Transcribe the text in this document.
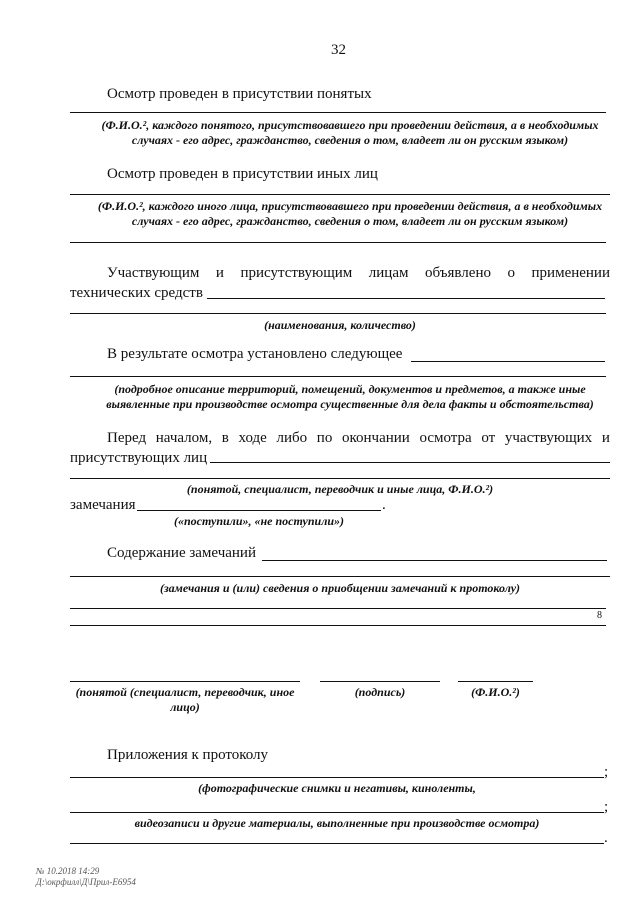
32
Осмотр проведен в присутствии понятых
(Ф.И.О.², каждого понятого, присутствовавшего при проведении действия, а в необходимых
случаях - его адрес, гражданство, сведения о том, владеет ли он русским языком)
Осмотр проведен в присутствии иных лиц
(Ф.И.О.², каждого иного лица, присутствовавшего при проведении действия, а в необходимых
случаях - его адрес, гражданство, сведения о том, владеет ли он русским языком)
Участвующим и присутствующим лицам объявлено о применении
технических средств
(наименования, количество)
В результате осмотра установлено следующее
(подробное описание территорий, помещений, документов и предметов, а также иные
выявленные при производстве осмотра существенные для дела факты и обстоятельства)
Перед началом, в ходе либо по окончании осмотра от участвующих и
присутствующих лиц
(понятой, специалист, переводчик и иные лица, Ф.И.О.²)
замечания	.
(«поступили», «не поступили»)
Содержание замечаний
(замечания и (или) сведения о приобщении замечаний к протоколу)
8
(понятой (специалист, переводчик, иное
лицо)
(подпись)	(Ф.И.О.²)
Приложения к протоколу
;
(фотографические снимки и негативы, киноленты,
;
видеозаписи и другие материалы, выполненные при производстве осмотра)
.
№ 10.2018 14:29
Д:\окрфилл\Д\Прил-Е6954
